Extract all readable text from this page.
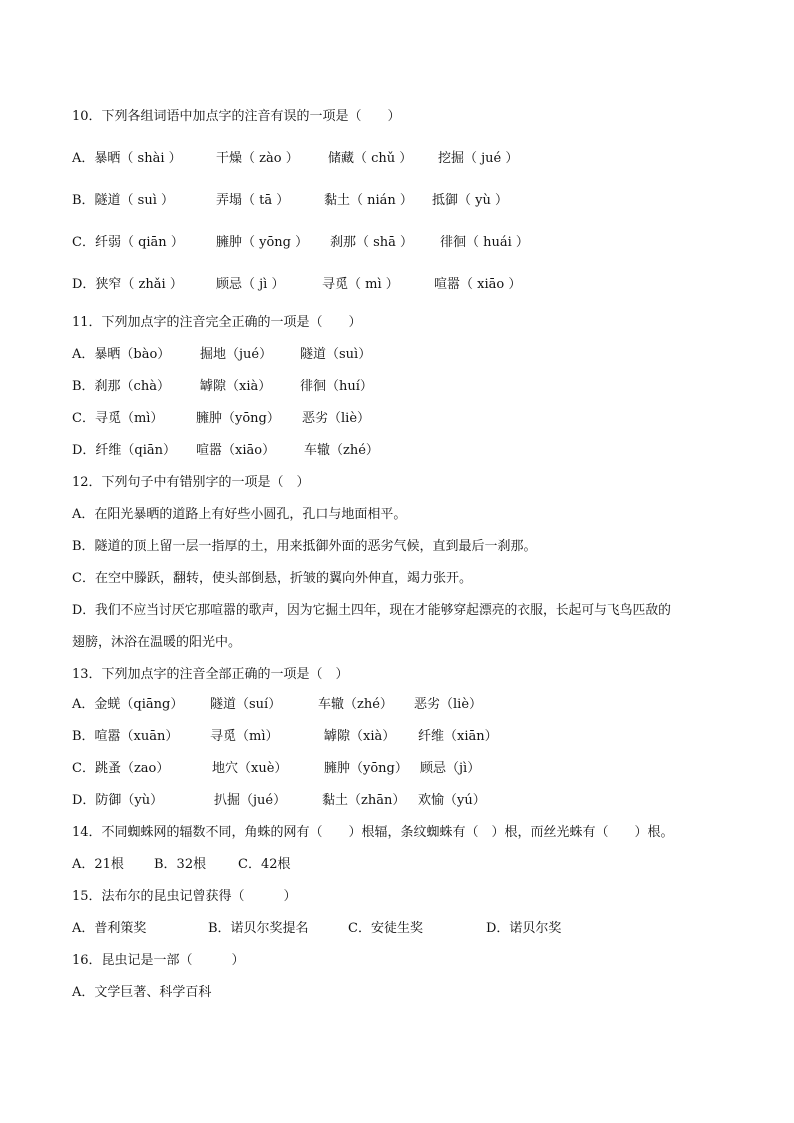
10．下列各组词语中加点字的注音有误的一项是（　　）
A．暴晒（ shài ）	干燥（ zào ） 储藏（ chǔ ） 挖掘（ jué ）
B．隧道（ suì ）	弄塌（ tā ）	黏土（ nián ） 抵御（ yù ）
C．纤弱（ qiān ） 臃肿（ yōng ） 刹那（ shā ） 徘徊（ huái ）
D．狭窄（ zhǎi ）	顾忌（ jì ）	寻觅（ mì ）	喧嚣（ xiāo ）
11．下列加点字的注音完全正确的一项是（　　）
A．暴晒（bào） 掘地（jué） 隧道（suì）
B．刹那（chà） 罅隙（xià） 徘徊（huí）
C．寻觅（mì）	臃肿（yōng） 恶劣（liè）
D．纤维（qiān） 喧嚣（xiāo） 车辙（zhé）
12．下列句子中有错别字的一项是（　）
A．在阳光暴晒的道路上有好些小圆孔，孔口与地面相平。
B．隧道的顶上留一层一指厚的土，用来抵御外面的恶劣气候，直到最后一刹那。
C．在空中滕跃，翻转，使头部倒悬，折皱的翼向外伸直，竭力张开。
D．我们不应当讨厌它那喧嚣的歌声，因为它掘土四年，现在才能够穿起漂亮的衣服，长起可与飞鸟匹敌的
翅膀，沐浴在温暖的阳光中。
13．下列加点字的注音全部正确的一项是（　）
A．金蜣（qiāng） 隧道（suí）	车辙（zhé） 恶劣（liè）
B．喧嚣（xuān） 寻觅（mì）	罅隙（xià） 纤维（xiān）
C．跳蚤（zao）	地穴（xuè）	臃肿（yōng） 顾忌（jì）
D．防御（yù）	扒掘（jué）	黏土（zhān） 欢愉（yú）
14．不同蜘蛛网的辐数不同，角蛛的网有（　　）根辐，条纹蜘蛛有（　）根，而丝光蛛有（　　）根。
A．21根 B．32根 C．42根
15．法布尔的昆虫记曾获得（　　　）
A．普利策奖	B．诺贝尔奖提名	C．安徒生奖	D．诺贝尔奖
16．昆虫记是一部（　　　）
A．文学巨著、科学百科
